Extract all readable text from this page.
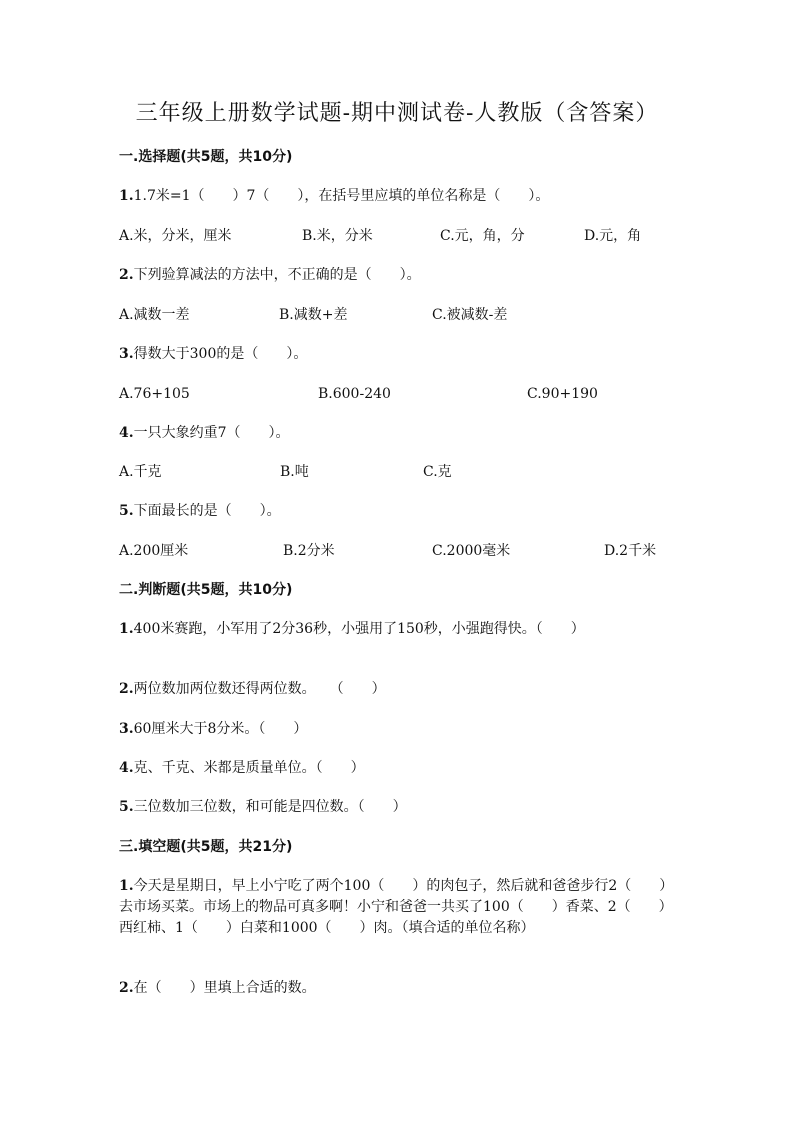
三年级上册数学试题-期中测试卷-人教版（含答案）
一.选择题(共5题，共10分)
1.1.7米=1（　　）7（　　），在括号里应填的单位名称是（　　）。
A.米，分米，厘米	B.米，分米	C.元，角，分	D.元，角
2.下列验算减法的方法中，不正确的是（　　）。
A.减数一差	B.减数+差	C.被减数-差
3.得数大于300的是（　　）。
A.76+105	B.600-240	C.90+190
4.一只大象约重7（　　）。
A.千克	B.吨	C.克
5.下面最长的是（　　）。
A.200厘米	B.2分米	C.2000毫米	D.2千米
二.判断题(共5题，共10分)
1.400米赛跑，小军用了2分36秒，小强用了150秒，小强跑得快。（　　）
2.两位数加两位数还得两位数。　　（　　）
3.60厘米大于8分米。（　　）
4.克、千克、米都是质量单位。（　　）
5.三位数加三位数，和可能是四位数。（　　）
三.填空题(共5题，共21分)
1.今天是星期日，早上小宁吃了两个100（　　）的肉包子，然后就和爸爸步行2（　　）去市场买菜。市场上的物品可真多啊！小宁和爸爸一共买了100（　　）香菜、2（　　）西红柿、1（　　）白菜和1000（　　）肉。（填合适的单位名称）
2.在（　　）里填上合适的数。
